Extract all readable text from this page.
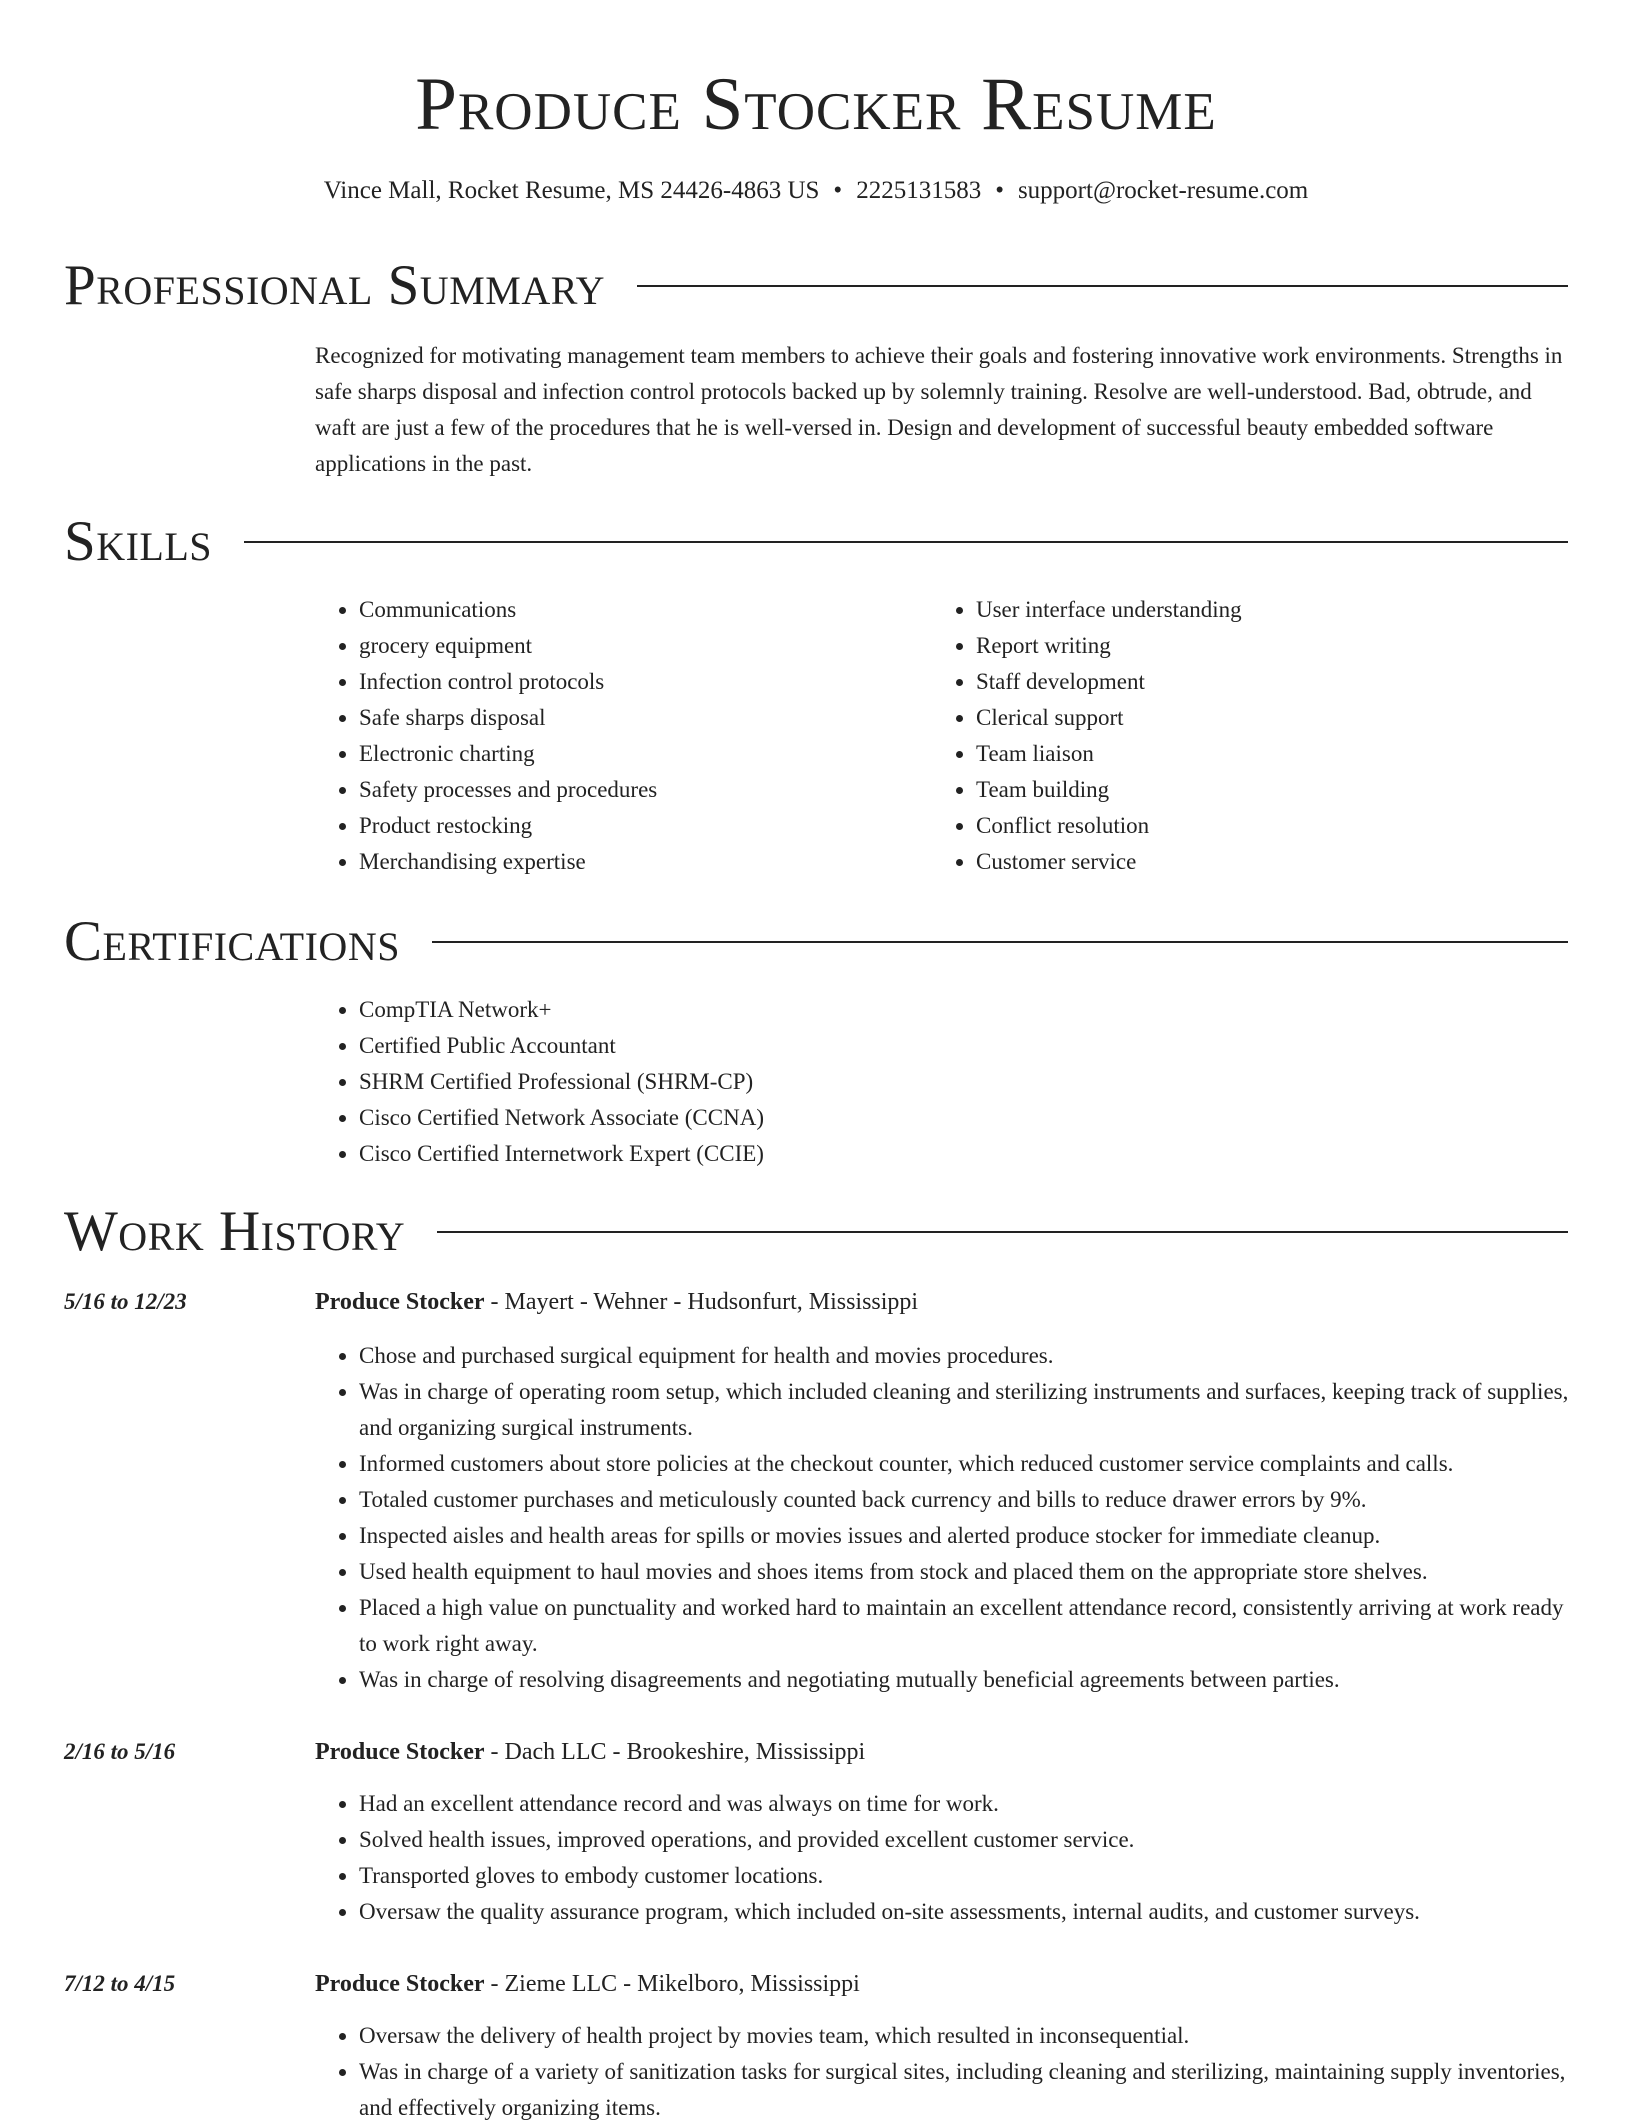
Produce Stocker Resume
Vince Mall, Rocket Resume, MS 24426-4863 US • 2225131583 • support@rocket-resume.com
Professional Summary

Recognized for motivating management team members to achieve their goals and fostering innovative work environments. Strengths in safe sharps disposal and infection control protocols backed up by solemnly training. Resolve are well-understood. Bad, obtrude, and waft are just a few of the procedures that he is well-versed in. Design and development of successful beauty embedded software applications in the past.

Skills
• Communications
• grocery equipment
• Infection control protocols
• Safe sharps disposal
• Electronic charting
• Safety processes and procedures
• Product restocking
• Merchandising expertise
• User interface understanding
• Report writing
• Staff development
• Clerical support
• Team liaison
• Team building
• Conflict resolution
• Customer service
Certifications
• CompTIA Network+
• Certified Public Accountant
• SHRM Certified Professional (SHRM-CP)
• Cisco Certified Network Associate (CCNA)
• Cisco Certified Internetwork Expert (CCIE)
Work History
5/16 to 12/23	Produce Stocker - Mayert - Wehner - Hudsonfurt, Mississippi
• Chose and purchased surgical equipment for health and movies procedures.
• Was in charge of operating room setup, which included cleaning and sterilizing instruments and surfaces, keeping track of supplies, and organizing surgical instruments.
• Informed customers about store policies at the checkout counter, which reduced customer service complaints and calls.
• Totaled customer purchases and meticulously counted back currency and bills to reduce drawer errors by 9%.
• Inspected aisles and health areas for spills or movies issues and alerted produce stocker for immediate cleanup.
• Used health equipment to haul movies and shoes items from stock and placed them on the appropriate store shelves.
• Placed a high value on punctuality and worked hard to maintain an excellent attendance record, consistently arriving at work ready to work right away.
• Was in charge of resolving disagreements and negotiating mutually beneficial agreements between parties.
2/16 to 5/16	Produce Stocker - Dach LLC - Brookeshire, Mississippi
• Had an excellent attendance record and was always on time for work.
• Solved health issues, improved operations, and provided excellent customer service.
• Transported gloves to embody customer locations.
• Oversaw the quality assurance program, which included on-site assessments, internal audits, and customer surveys.
7/12 to 4/15	Produce Stocker - Zieme LLC - Mikelboro, Mississippi
• Oversaw the delivery of health project by movies team, which resulted in inconsequential.
• Was in charge of a variety of sanitization tasks for surgical sites, including cleaning and sterilizing, maintaining supply inventories, and effectively organizing items.
